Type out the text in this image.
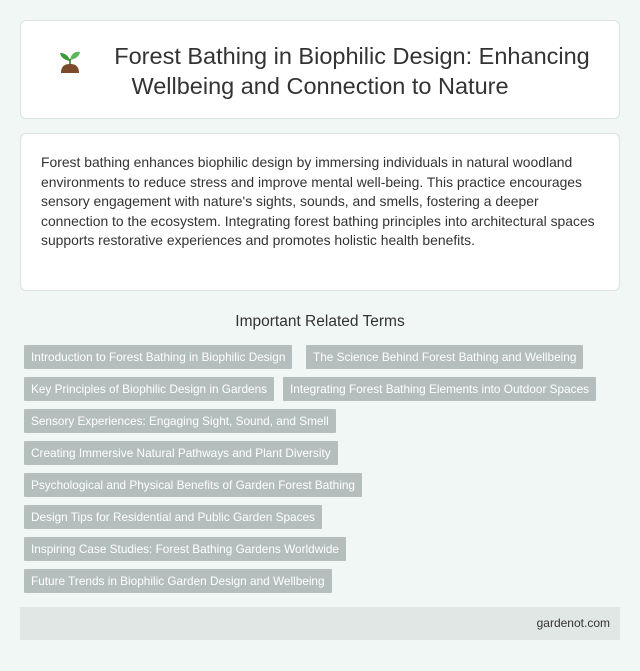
Forest Bathing in Biophilic Design: Enhancing Wellbeing and Connection to Nature

Forest bathing enhances biophilic design by immersing individuals in natural woodland environments to reduce stress and improve mental well-being. This practice encourages sensory engagement with nature's sights, sounds, and smells, fostering a deeper connection to the ecosystem. Integrating forest bathing principles into architectural spaces supports restorative experiences and promotes holistic health benefits.

Important Related Terms
Introduction to Forest Bathing in Biophilic Design	The Science Behind Forest Bathing and Wellbeing
Key Principles of Biophilic Design in Gardens	Integrating Forest Bathing Elements into Outdoor Spaces
Sensory Experiences: Engaging Sight, Sound, and Smell
Creating Immersive Natural Pathways and Plant Diversity
Psychological and Physical Benefits of Garden Forest Bathing
Design Tips for Residential and Public Garden Spaces
Inspiring Case Studies: Forest Bathing Gardens Worldwide
Future Trends in Biophilic Garden Design and Wellbeing
gardenot.com
